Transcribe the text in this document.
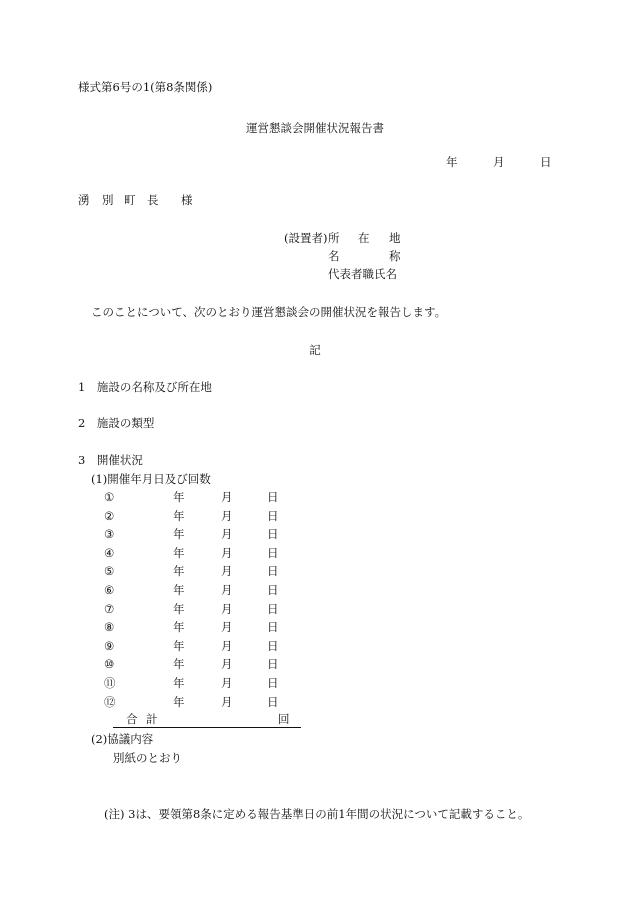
様式第6号の1(第8条関係)
運営懇談会開催状況報告書
年	月	日
湧 別 町 長 様
(設置者) 所 在 地
名	称
代表者職氏名
このことについて、次のとおり運営懇談会の開催状況を報告します。
記
1　施設の名称及び所在地
2　施設の類型
3　開催状況
(1)開催年月日及び回数
①	年	月	日
②	年	月	日
③	年	月	日
④	年	月	日
⑤	年	月	日
⑥	年	月	日
⑦	年	月	日
⑧	年	月	日
⑨	年	月	日
⑩	年	月	日
⑪	年	月	日
⑫	年	月	日
合 計	回
(2)協議内容
別紙のとおり
(注) 3は、要領第8条に定める報告基準日の前1年間の状況について記載すること。
